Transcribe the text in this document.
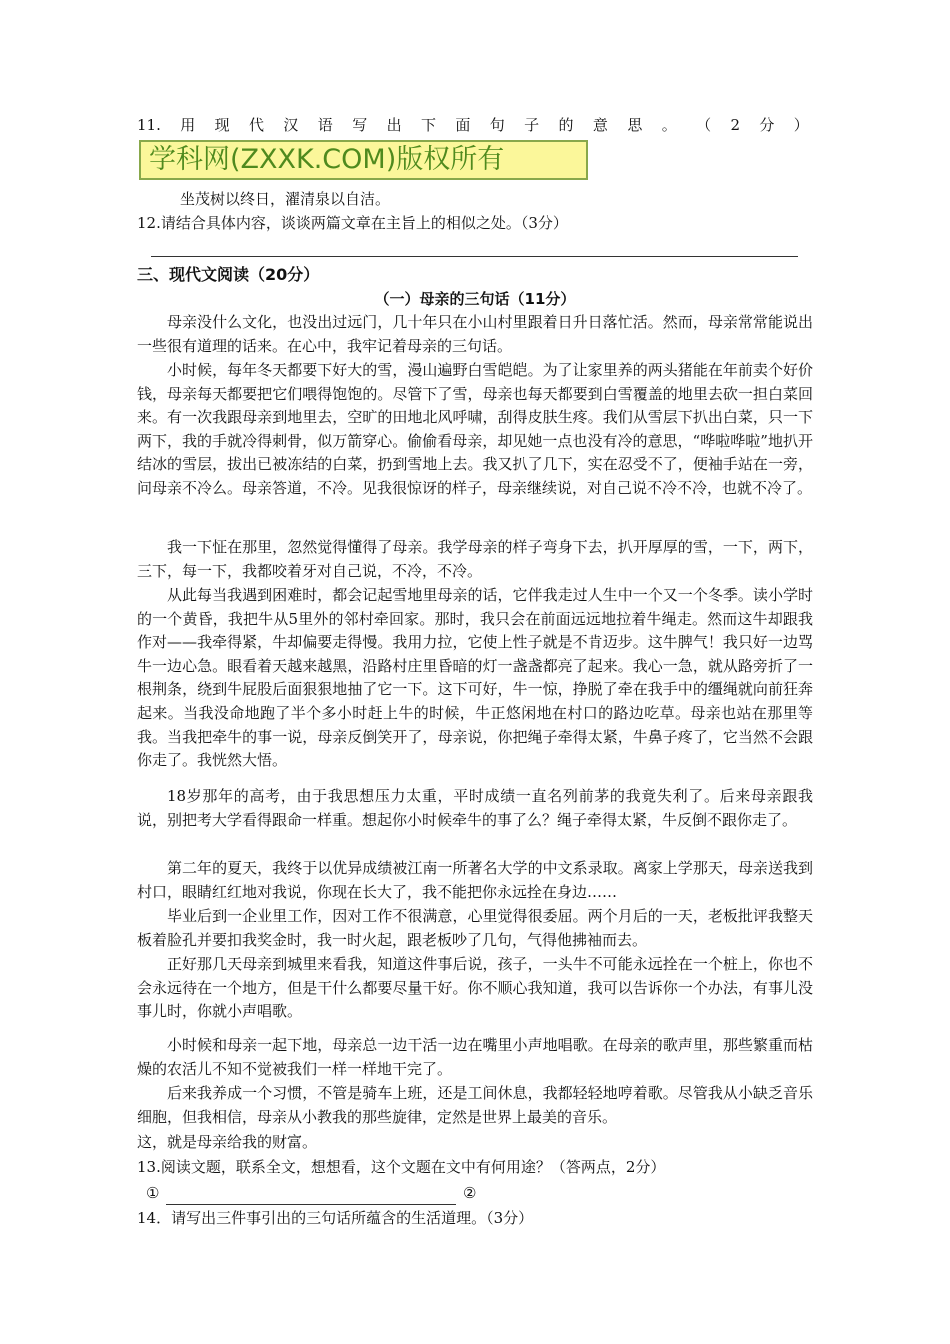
11. 用 现 代 汉 语 写 出 下 面 句 子 的 意 思 。 （ 2 分 ）
学科网(ZXXK.COM)版权所有
坐茂树以终日，濯清泉以自洁。
12.请结合具体内容，谈谈两篇文章在主旨上的相似之处。（3分）
三、现代文阅读（20分）
（一）母亲的三句话（11分）
母亲没什么文化，也没出过远门，几十年只在小山村里跟着日升日落忙活。然而，母亲常常能说出一些很有道理的话来。在心中，我牢记着母亲的三句话。
小时候，每年冬天都要下好大的雪，漫山遍野白雪皑皑。为了让家里养的两头猪能在年前卖个好价钱，母亲每天都要把它们喂得饱饱的。尽管下了雪，母亲也每天都要到白雪覆盖的地里去砍一担白菜回来。有一次我跟母亲到地里去，空旷的田地北风呼啸，刮得皮肤生疼。我们从雪层下扒出白菜，只一下两下，我的手就冷得刺骨，似万箭穿心。偷偷看母亲，却见她一点也没有冷的意思，“哗啦哗啦”地扒开结冰的雪层，拔出已被冻结的白菜，扔到雪地上去。我又扒了几下，实在忍受不了，便袖手站在一旁，问母亲不冷么。母亲答道，不冷。见我很惊讶的样子，母亲继续说，对自己说不冷不冷，也就不冷了。
我一下怔在那里，忽然觉得懂得了母亲。我学母亲的样子弯身下去，扒开厚厚的雪，一下，两下，三下，每一下，我都咬着牙对自己说，不冷，不冷。
从此每当我遇到困难时，都会记起雪地里母亲的话，它伴我走过人生中一个又一个冬季。读小学时的一个黄昏，我把牛从5里外的邻村牵回家。那时，我只会在前面远远地拉着牛绳走。然而这牛却跟我作对——我牵得紧，牛却偏要走得慢。我用力拉，它使上性子就是不肯迈步。这牛脾气！我只好一边骂牛一边心急。眼看着天越来越黑，沿路村庄里昏暗的灯一盏盏都亮了起来。我心一急，就从路旁折了一根荆条，绕到牛屁股后面狠狠地抽了它一下。这下可好，牛一惊，挣脱了牵在我手中的缰绳就向前狂奔起来。当我没命地跑了半个多小时赶上牛的时候，牛正悠闲地在村口的路边吃草。母亲也站在那里等我。当我把牵牛的事一说，母亲反倒笑开了，母亲说，你把绳子牵得太紧，牛鼻子疼了，它当然不会跟你走了。我恍然大悟。
18岁那年的高考，由于我思想压力太重，平时成绩一直名列前茅的我竟失利了。后来母亲跟我说，别把考大学看得跟命一样重。想起你小时候牵牛的事了么？绳子牵得太紧，牛反倒不跟你走了。
第二年的夏天，我终于以优异成绩被江南一所著名大学的中文系录取。离家上学那天，母亲送我到村口，眼睛红红地对我说，你现在长大了，我不能把你永远拴在身边……
毕业后到一企业里工作，因对工作不很满意，心里觉得很委屈。两个月后的一天，老板批评我整天板着脸孔并要扣我奖金时，我一时火起，跟老板吵了几句，气得他拂袖而去。
正好那几天母亲到城里来看我，知道这件事后说，孩子，一头牛不可能永远拴在一个桩上，你也不会永远待在一个地方，但是干什么都要尽量干好。你不顺心我知道，我可以告诉你一个办法，有事儿没事儿时，你就小声唱歌。
小时候和母亲一起下地，母亲总一边干活一边在嘴里小声地唱歌。在母亲的歌声里，那些繁重而枯燥的农活儿不知不觉被我们一样一样地干完了。
后来我养成一个习惯，不管是骑车上班，还是工间休息，我都轻轻地哼着歌。尽管我从小缺乏音乐细胞，但我相信，母亲从小教我的那些旋律，定然是世界上最美的音乐。
这，就是母亲给我的财富。
13.阅读文题，联系全文，想想看，这个文题在文中有何用途？（答两点，2分）
①	②
14．请写出三件事引出的三句话所蕴含的生活道理。（3分）
